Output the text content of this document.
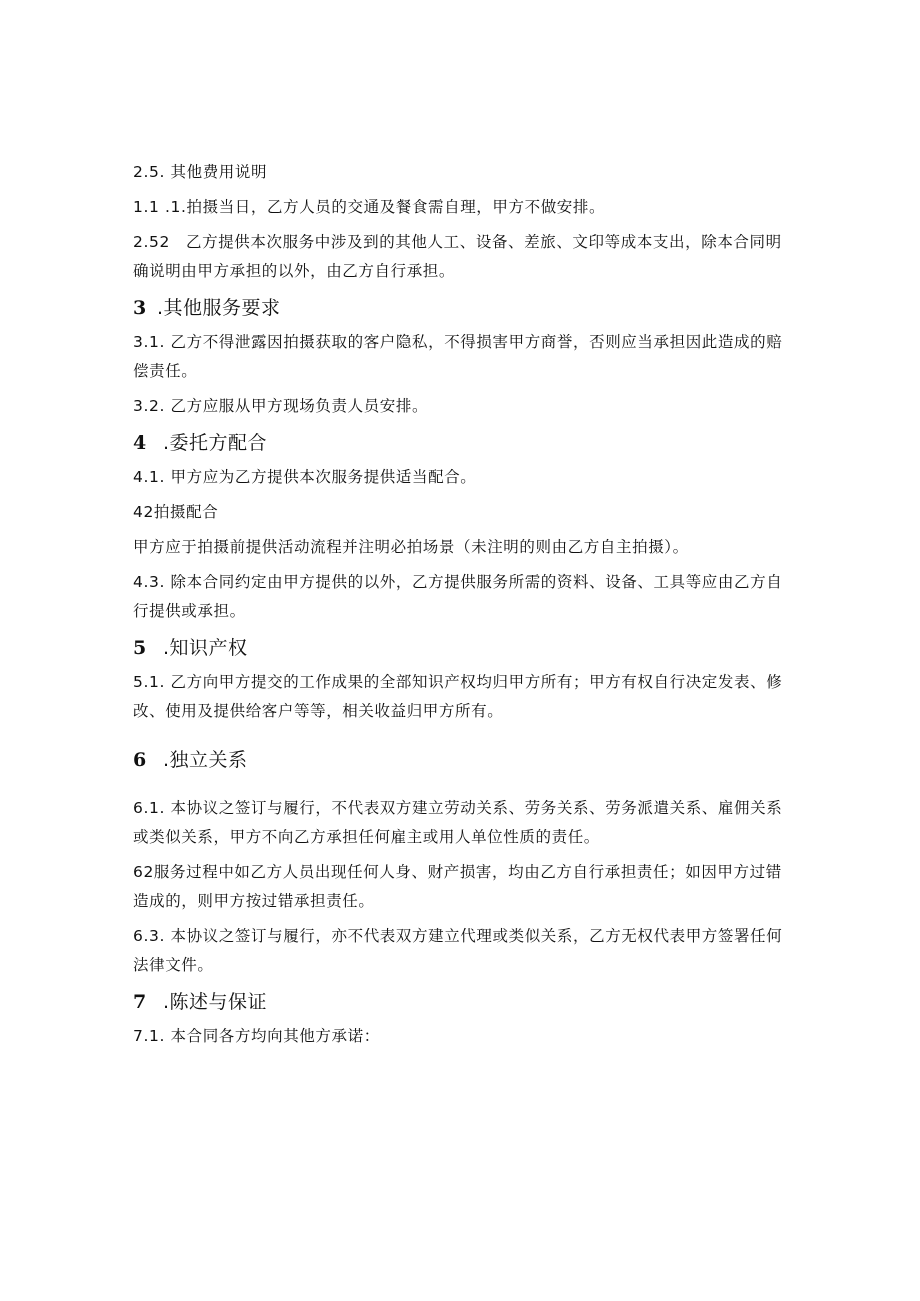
2.5. 其他费用说明

1.1 .1.拍摄当日，乙方人员的交通及餐食需自理，甲方不做安排。

2.52　乙方提供本次服务中涉及到的其他人工、设备、差旅、文印等成本支出，除本合同明确说明由甲方承担的以外，由乙方自行承担。

3 .其他服务要求

3.1. 乙方不得泄露因拍摄获取的客户隐私，不得损害甲方商誉，否则应当承担因此造成的赔偿责任。

3.2. 乙方应服从甲方现场负责人员安排。

4 .委托方配合

4.1. 甲方应为乙方提供本次服务提供适当配合。

42拍摄配合

甲方应于拍摄前提供活动流程并注明必拍场景（未注明的则由乙方自主拍摄）。

4.3. 除本合同约定由甲方提供的以外，乙方提供服务所需的资料、设备、工具等应由乙方自行提供或承担。

5 .知识产权

5.1. 乙方向甲方提交的工作成果的全部知识产权均归甲方所有；甲方有权自行决定发表、修改、使用及提供给客户等等，相关收益归甲方所有。

6 .独立关系

6.1. 本协议之签订与履行，不代表双方建立劳动关系、劳务关系、劳务派遣关系、雇佣关系或类似关系，甲方不向乙方承担任何雇主或用人单位性质的责任。

62服务过程中如乙方人员出现任何人身、财产损害，均由乙方自行承担责任；如因甲方过错造成的，则甲方按过错承担责任。

6.3. 本协议之签订与履行，亦不代表双方建立代理或类似关系，乙方无权代表甲方签署任何法律文件。

7 .陈述与保证

7.1. 本合同各方均向其他方承诺：
